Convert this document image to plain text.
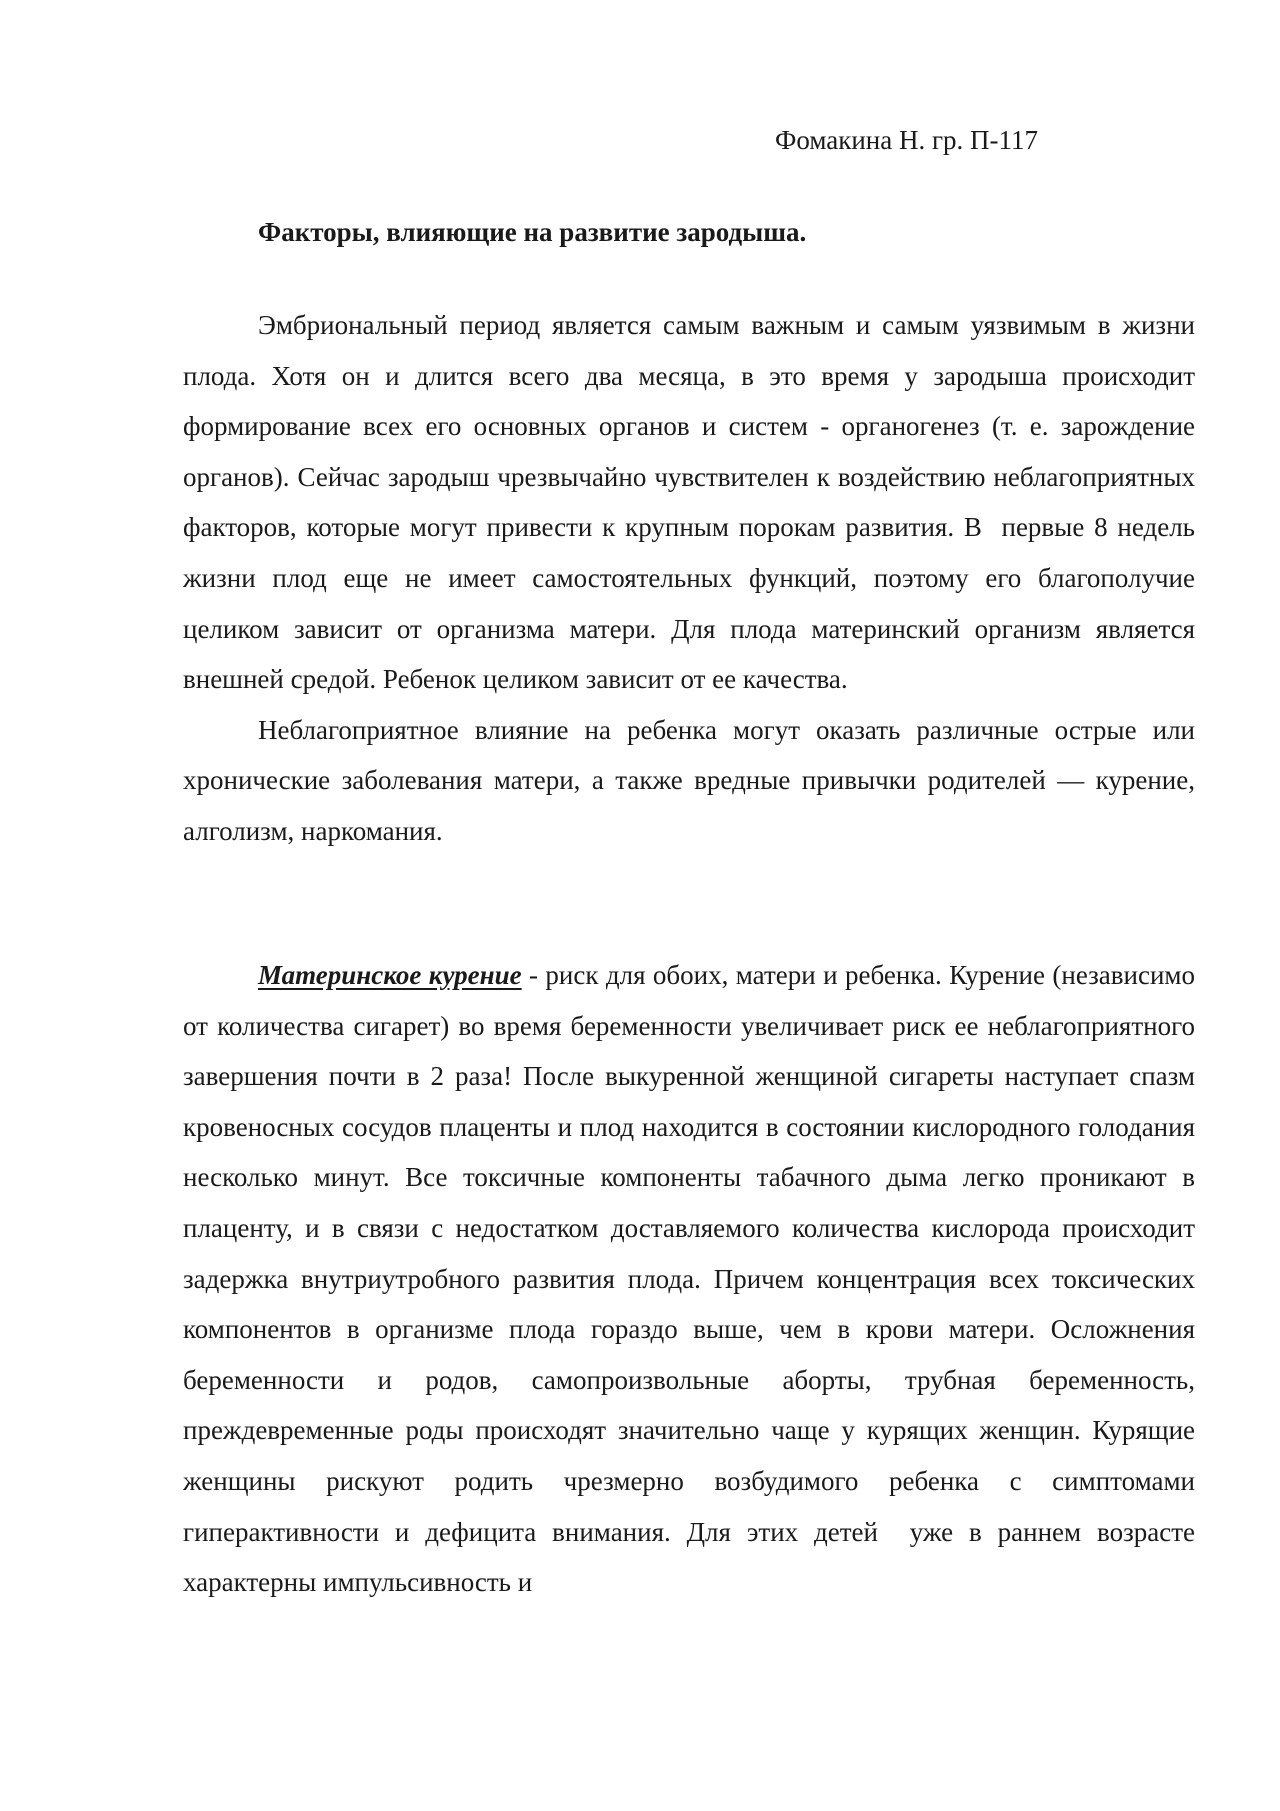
Фомакина Н. гр. П-117
Факторы, влияющие на развитие зародыша.

Эмбриональный период является самым важным и самым уязвимым в жизни плода. Хотя он и длится всего два месяца, в это время у зародыша происходит формирование всех его основных органов и систем - органогенез (т. е. зарождение органов). Сейчас зародыш чрезвычайно чувствителен к воздействию неблагоприятных факторов, которые могут привести к крупным порокам развития. В  первые 8 недель жизни плод еще не имеет самостоятельных функций, поэтому его благополучие целиком зависит от организма матери. Для плода материнский организм является внешней средой. Ребенок целиком зависит от ее качества.

Неблагоприятное влияние на ребенка могут оказать различные острые или хронические заболевания матери, а также вредные привычки родителей — курение, алголизм, наркомания.

Материнское курение - риск для обоих, матери и ребенка. Курение (независимо от количества сигарет) во время беременности увеличивает риск ее неблагоприятного завершения почти в 2 раза! После выкуренной женщиной сигареты наступает спазм кровеносных сосудов плаценты и плод находится в состоянии кислородного голодания несколько минут. Все токсичные компоненты табачного дыма легко проникают в плаценту, и в связи с недостатком доставляемого количества кислорода происходит задержка внутриутробного развития плода. Причем концентрация всех токсических компонентов в организме плода гораздо выше, чем в крови матери. Осложнения беременности и родов, самопроизвольные аборты, трубная беременность, преждевременные роды происходят значительно чаще у курящих женщин. Курящие женщины рискуют родить чрезмерно возбудимого ребенка с симптомами гиперактивности и дефицита внимания. Для этих детей  уже в раннем возрасте характерны импульсивность и
